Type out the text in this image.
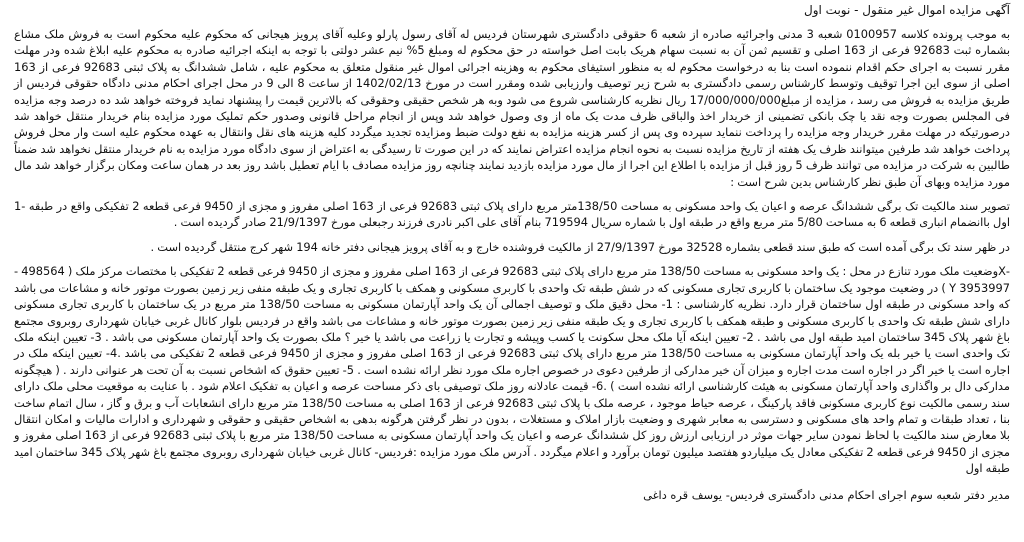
آگهی مزایده اموال غیر منقول - نوبت اول

به موجب پرونده کلاسه 0100957 شعبه 3 مدنی واجرائیه صادره از شعبه 6 حقوقی دادگستری شهرستان فردیس له آقای رسول پارلو وعلیه آقای پرویز هیجانی که محکوم علیه محکوم است به فروش ملک مشاع بشماره ثبت 92683 فرعی از 163 اصلی و تقسیم ثمن آن به نسبت سهام هریک بابت اصل خواسته در حق محکوم له ومبلغ 5% نیم عشر دولتی با توجه به اینکه اجرائیه صادره به محکوم علیه ابلاغ شده ودر مهلت مقرر نسبت به اجرای حکم اقدام ننموده است بنا به درخواست محکوم له به منظور استیفای محکوم به وهزینه اجرائی اموال غیر منقول متعلق به محکوم علیه ، شامل ششدانگ به پلاک ثبتی 92683 فرعی از 163 اصلی از سوی این اجرا توقیف وتوسط کارشناس رسمی دادگستری به شرح زیر توصیف وارزیابی شده ومقرر است در مورخ 1402/02/13 از ساعت 8 الی 9 در محل اجرای احکام مدنی دادگاه حقوقی فردیس از طریق مزایده به فروش می رسد ، مزایده از مبلغ17/000/000/000 ریال نظریه کارشناسی شروع می شود وبه هر شخص حقیقی وحقوقی که بالاترین قیمت را پیشنهاد نماید فروخته خواهد شد ده درصد وجه مزایده فی المجلس بصورت وجه نقد یا چک بانکی تضمینی از خریدار اخذ والباقی ظرف مدت یک ماه از وی وصول خواهد شد وپس از انجام مراحل قانونی وصدور حکم تملیک مورد مزایده بنام خریدار منتقل خواهد شد درصورتیکه در مهلت مقرر خریدار وجه مزایده را پرداخت ننماید سپرده وی پس از کسر هزینه مزایده به نفع دولت ضبط ومزایده تجدید میگردد کلیه هزینه های نقل وانتقال به عهده محکوم علیه است وار محل فروش پرداخت خواهد شد طرفین میتوانند ظرف یک هفته از تاریخ مزایده نسبت به نحوه انجام مزایده اعتراض نمایند که در این صورت تا رسیدگی به اعتراض از سوی دادگاه مورد مزایده به نام خریدار منتقل نخواهد شد ضمناً طالبین به شرکت در مزایده می توانند ظرف 5 روز قبل از مزایده با اطلاع این اجرا از مال مورد مزایده بازدید نمایند چنانچه روز مزایده مصادف با ایام تعطیل باشد روز بعد در همان ساعت ومکان برگزار خواهد شد مال مورد مزایده وبهای آن طبق نظر کارشناس بدین شرح است :

تصویر سند مالکیت تک برگی ششدانگ عرصه و اعیان یک واحد مسکونی به مساحت 138/50متر مربع دارای پلاک ثبتی 92683 فرعی از 163 اصلی مفروز و مجزی از 9450 فرعی قطعه 2 تفکیکی واقع در طبقه -1 اول باانضمام انباری قطعه 6 به مساحت 5/80 متر مربع واقع در طبقه اول با شماره سریال 719594 بنام آقای علی اکبر نادری فرزند رجبعلی مورخ 21/9/1397 صادر گردیده است .

در ظهر سند تک برگی آمده است که طبق سند قطعی بشماره 32528 مورخ 27/9/1397 از مالکیت فروشنده خارج و به آقای پرویز هیجانی دفتر خانه 194 شهر کرج منتقل گردیده است .

-Xوضعیت ملک مورد تنازع در محل : یک واحد مسکونی به مساحت 138/50 متر مربع دارای پلاک ثبتی 92683 فرعی از 163 اصلی مفروز و مجزی از 9450 فرعی قطعه 2 تفکیکی با مختصات مرکز ملک ( 498564 -Y 3953997 ) در وضعیت موجود یک ساختمان با کاربری تجاری مسکونی که در شش طبقه تک واحدی با کاربری مسکونی و همکف با کاربری تجاری و یک طبقه منفی زیر زمین بصورت موتور خانه و مشاعات می باشد که واحد مسکونی در طبقه اول ساختمان قرار دارد. نظریه کارشناسی : 1- محل دقیق ملک و توصیف اجمالی آن یک واحد آپارتمان مسکونی به مساحت 138/50 متر مربع در یک ساختمان با کاربری تجاری مسکونی دارای شش طبقه تک واحدی با کاربری مسکونی و طبقه همکف با کاربری تجاری و یک طبقه منفی زیر زمین بصورت موتور خانه و مشاعات می باشد واقع در فردیس بلوار کانال غربی خیابان شهرداری روبروی مجتمع باغ شهر پلاک 345 ساختمان امید طبقه اول می باشد . 2- تعیین اینکه آیا ملک محل سکونت یا کسب وپیشه و تجارت یا زراعت می باشد یا خیر ؟ ملک بصورت یک واحد آپارتمان مسکونی می باشد . 3- تعیین اینکه ملک تک واحدی است یا خیر بله یک واحد آپارتمان مسکونی به مساحت 138/50 متر مربع دارای پلاک ثبتی 92683 فرعی از 163 اصلی مفروز و مجزی از 9450 فرعی قطعه 2 تفکیکی می باشد .4- تعیین اینکه ملک در اجاره است یا خیر اگر در اجاره است مدت اجاره و میزان آن خیر مدارکی از طرفین دعوی در خصوص اجاره ملک مورد نظر ارائه نشده است . 5- تعیین حقوق که اشخاص نسبت به آن تحت هر عنوانی دارند . ( هیچگونه مدارکی دال بر واگذاری واحد آپارتمان مسکونی به هیئت کارشناسی ارائه نشده است ) .6- قیمت عادلانه روز ملک توصیفی بای ذکر مساحت عرصه و اعیان به تفکیک اعلام شود . با عنایت به موقعیت محلی ملک دارای سند رسمی مالکیت نوع کاربری مسکونی فاقد پارکینگ ، عرصه حیاط موجود ، عرصه ملک با پلاک ثبتی 92683 فرعی از 163 اصلی به مساحت 138/50 متر مربع دارای انشعابات آب و برق و گاز ، سال اتمام ساخت بنا ، تعداد طبقات و تمام واحد های مسکونی و دسترسی به معابر شهری و وضعیت بازار املاک و مستغلات ، بدون در نظر گرفتن هرگونه بدهی به اشخاص حقیقی و حقوقی و شهرداری و ادارات مالیات و امکان انتقال بلا معارض سند مالکیت با لحاظ نمودن سایر جهات موثر در ارزیابی ارزش روز کل ششدانگ عرصه و اعیان یک واحد آپارتمان مسکونی به مساحت 138/50 متر مربع با پلاک ثبتی 92683 فرعی از 163 اصلی مفروز و مجزی از 9450 فرعی قطعه 2 تفکیکی معادل یک میلیاردو هفتصد میلیون تومان برآورد و اعلام میگردد . آدرس ملک مورد مزایده :فردیس- کانال غربی خیابان شهرداری روبروی مجتمع باغ شهر پلاک 345 ساختمان امید طبقه اول

مدیر دفتر شعبه سوم اجرای احکام مدنی دادگستری فردیس- یوسف قره داغی
